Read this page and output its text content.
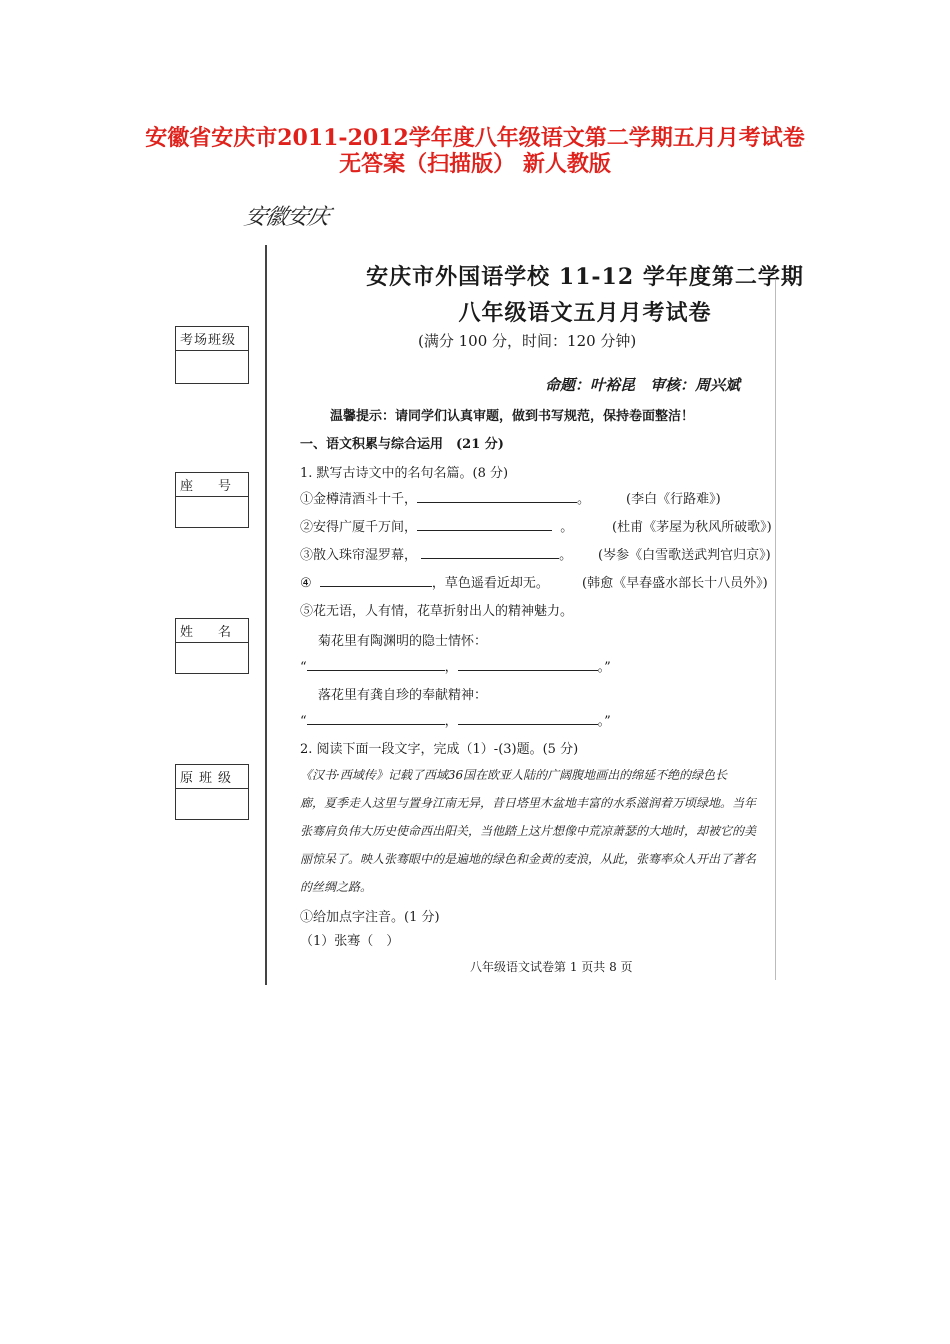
安徽省安庆市2011-2012学年度八年级语文第二学期五月月考试卷
无答案（扫描版） 新人教版
安徽安庆
考场班级
座　号
姓　名
原班级
安庆市外国语学校 11-12 学年度第二学期
八年级语文五月月考试卷
(满分 100 分，时间：120 分钟)
命题：叶裕昆　审核：周兴斌
温馨提示：请同学们认真审题，做到书写规范，保持卷面整洁！
一、语文积累与综合运用　(21 分)
1. 默写古诗文中的名句名篇。(8 分)
①金樽清酒斗十千，	。	(李白《行路难》)
②安得广厦千万间，	。	(杜甫《茅屋为秋风所破歌》)
③散入珠帘湿罗幕，	。 (岑参《白雪歌送武判官归京》)
④	，草色遥看近却无。	(韩愈《早春盛水部长十八员外》)
⑤花无语，人有情，花草折射出人的精神魅力。
菊花里有陶渊明的隐士情怀：
“	，	。”
落花里有龚自珍的奉献精神：
“	，	。”
2. 阅读下面一段文字，完成（1）-(3)题。(5 分)
《汉书·西域传》记载了西域36国在欧亚人陆的广阔腹地画出的绵延不绝的绿色长
廊，夏季走人这里与置身江南无异，昔日塔里木盆地丰富的水系滋润着万顷绿地。当年
张骞肩负伟大历史使命西出阳关，当他踏上这片想像中荒凉萧瑟的大地时，却被它的美
丽惊呆了。映人张骞眼中的是遍地的绿色和金黄的麦浪，从此，张骞率众人开出了著名
的丝绸之路。
①给加点字注音。(1 分)
（1）张骞（　）
八年级语文试卷第 1 页共 8 页
